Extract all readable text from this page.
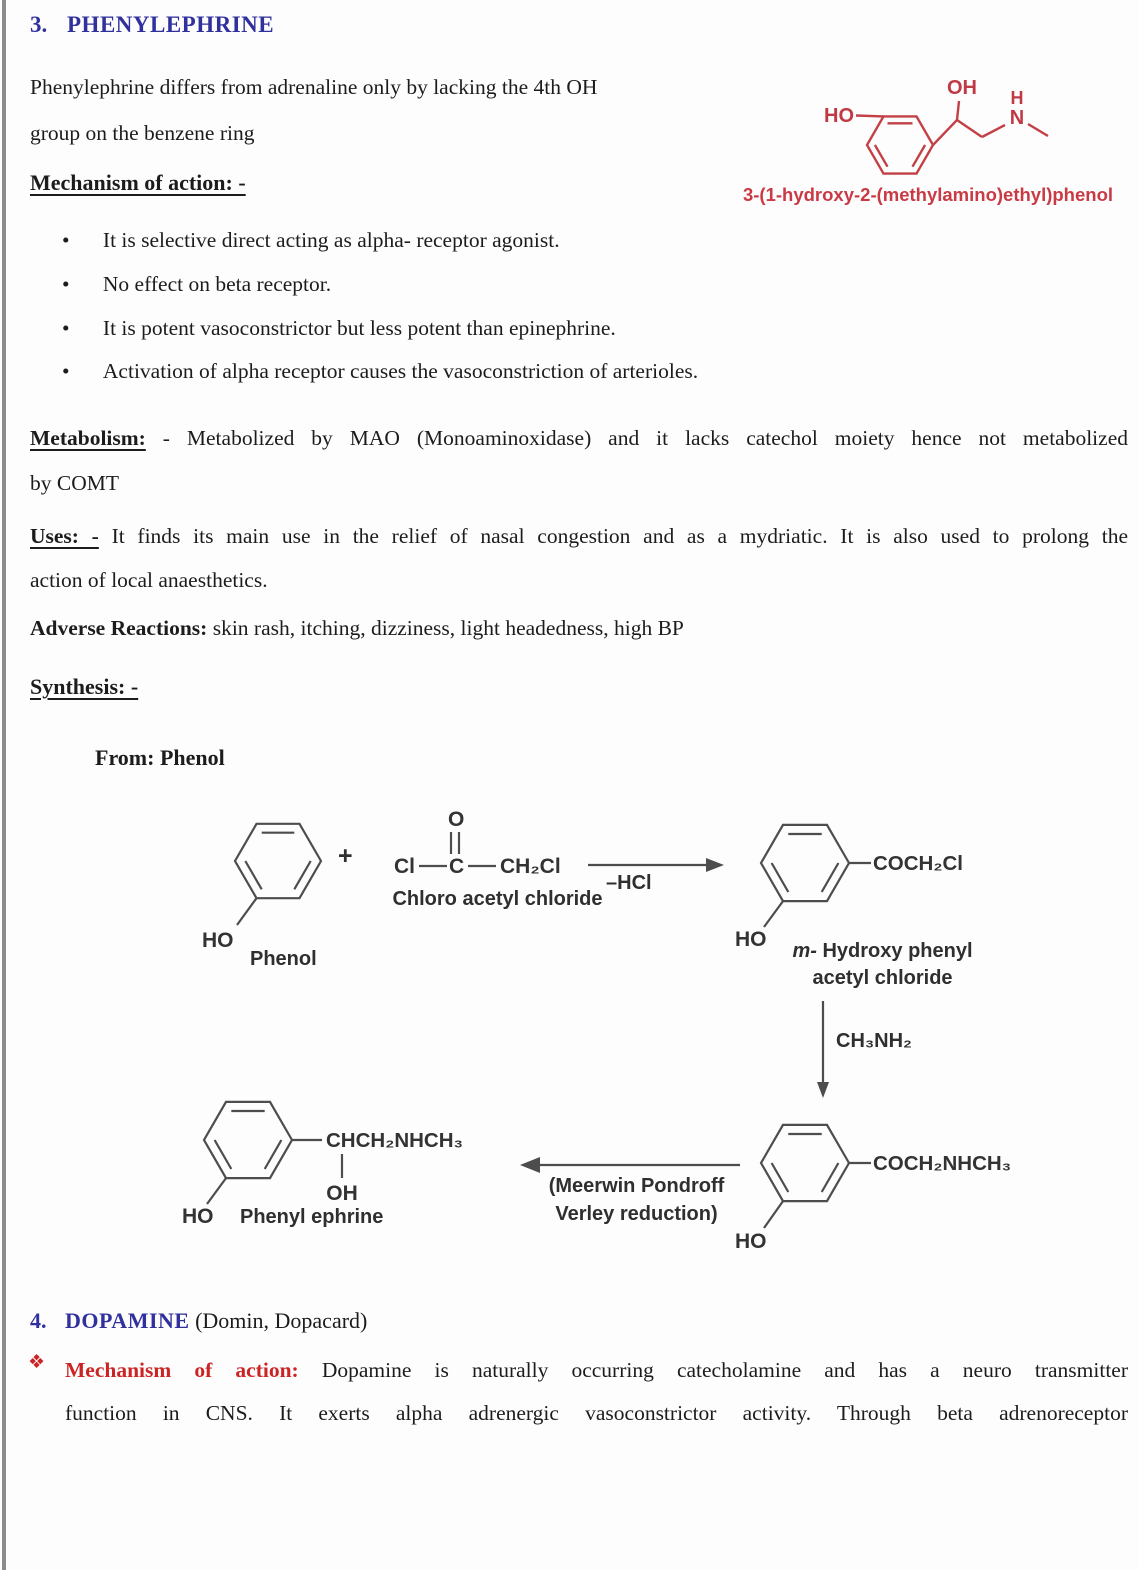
3. PHENYLEPHRINE
Phenylephrine differs from adrenaline only by lacking the 4th OH
group on the benzene ring
HO
OH H
N
3-(1-hydroxy-2-(methylamino)ethyl)phenol
Mechanism of action: -
• It is selective direct acting as alpha- receptor agonist.
• No effect on beta receptor.
• It is potent vasoconstrictor but less potent than epinephrine.
• Activation of alpha receptor causes the vasoconstriction of arterioles.
Metabolism: - Metabolized by MAO (Monoaminoxidase) and it lacks catechol moiety hence not metabolized
by COMT
Uses: - It finds its main use in the relief of nasal congestion and as a mydriatic. It is also used to prolong the
action of local anaesthetics.
Adverse Reactions: skin rash, itching, dizziness, light headedness, high BP
Synthesis: -
From: Phenol
HO
Phenol
+
O
Cl C CH₂Cl
Chloro acetyl chloride
–HCl
COCH₂Cl
HO	m- Hydroxy phenyl
acetyl chloride
CH₃NH₂
COCH₂NHCH₃
HO
(Meerwin Pondroff
Verley reduction)
CHCH₂NHCH₃
OH
HO Phenyl ephrine
4. DOPAMINE (Domin, Dopacard)
❖ Mechanism of action: Dopamine is naturally occurring catecholamine and has a neuro transmitter
function in CNS. It exerts alpha adrenergic vasoconstrictor activity. Through beta adrenoreceptor
